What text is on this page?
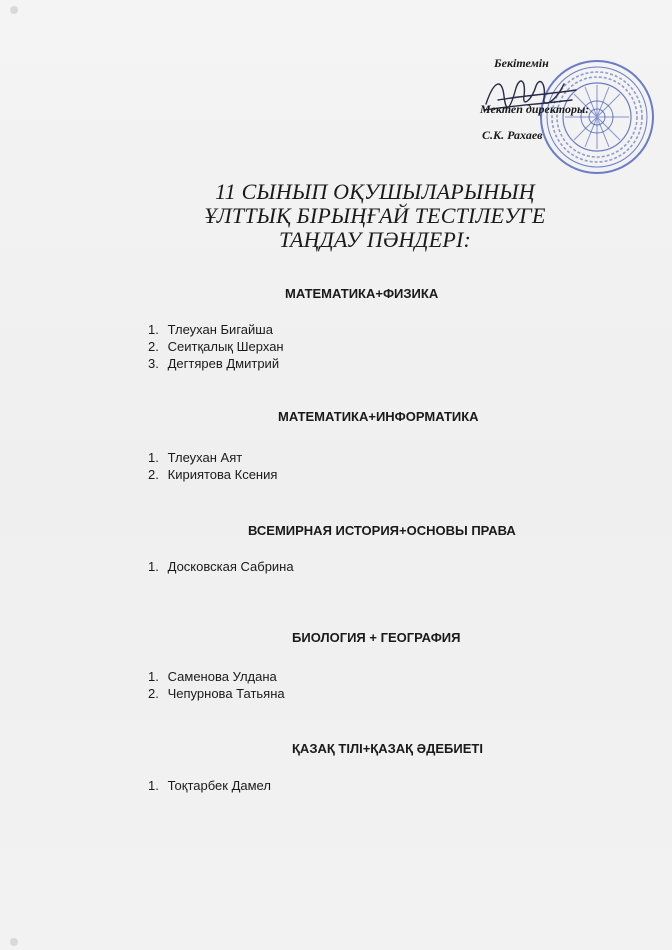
Бекітемін
Мектеп директоры:
С.К. Рахаев
11 СЫНЫП ОҚУШЫЛАРЫНЫҢ
ҰЛТТЫҚ БІРЫҢҒАЙ ТЕСТІЛЕУГЕ
ТАҢДАУ ПӘНДЕРІ:
МАТЕМАТИКА+ФИЗИКА
1. Тлеухан Бигайша
2. Сеитқалық Шерхан
3. Дегтярев Дмитрий
МАТЕМАТИКА+ИНФОРМАТИКА
1. Тлеухан Аят
2. Кириятова Ксения
ВСЕМИРНАЯ ИСТОРИЯ+ОСНОВЫ ПРАВА
1. Досковская Сабрина
БИОЛОГИЯ + ГЕОГРАФИЯ
1. Саменова Улдана
2. Чепурнова Татьяна
ҚАЗАҚ ТІЛІ+ҚАЗАҚ ӘДЕБИЕТІ
1. Тоқтарбек Дамел
